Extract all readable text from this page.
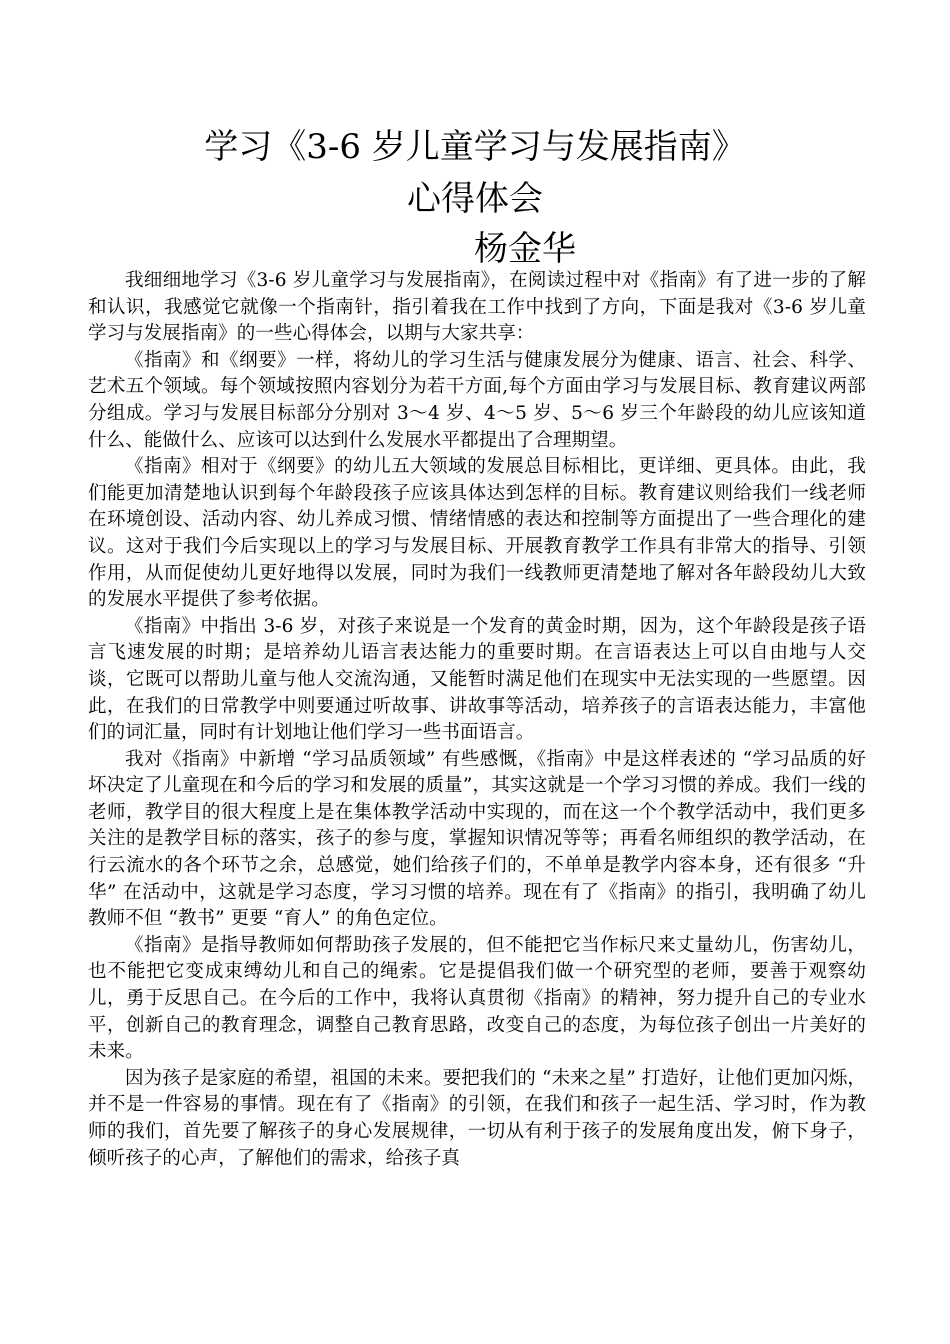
学习《3-6 岁儿童学习与发展指南》
心得体会
杨金华

我细细地学习《3-6 岁儿童学习与发展指南》，在阅读过程中对《指南》有了进一步的了解和认识，我感觉它就像一个指南针，指引着我在工作中找到了方向，下面是我对《3-6 岁儿童学习与发展指南》的一些心得体会，以期与大家共享：

《指南》和《纲要》一样，将幼儿的学习生活与健康发展分为健康、语言、社会、科学、艺术五个领域。每个领域按照内容划分为若干方面,每个方面由学习与发展目标、教育建议两部分组成。学习与发展目标部分分别对 3～4 岁、4～5 岁、5～6 岁三个年龄段的幼儿应该知道什么、能做什么、应该可以达到什么发展水平都提出了合理期望。

《指南》相对于《纲要》的幼儿五大领域的发展总目标相比，更详细、更具体。由此，我们能更加清楚地认识到每个年龄段孩子应该具体达到怎样的目标。教育建议则给我们一线老师在环境创设、活动内容、幼儿养成习惯、情绪情感的表达和控制等方面提出了一些合理化的建议。这对于我们今后实现以上的学习与发展目标、开展教育教学工作具有非常大的指导、引领作用，从而促使幼儿更好地得以发展，同时为我们一线教师更清楚地了解对各年龄段幼儿大致的发展水平提供了参考依据。

《指南》中指出 3-6 岁，对孩子来说是一个发育的黄金时期，因为，这个年龄段是孩子语言飞速发展的时期；是培养幼儿语言表达能力的重要时期。在言语表达上可以自由地与人交谈，它既可以帮助儿童与他人交流沟通，又能暂时满足他们在现实中无法实现的一些愿望。因此，在我们的日常教学中则要通过听故事、讲故事等活动，培养孩子的言语表达能力，丰富他们的词汇量，同时有计划地让他们学习一些书面语言。

我对《指南》中新增 “学习品质领域” 有些感慨，《指南》中是这样表述的 “学习品质的好坏决定了儿童现在和今后的学习和发展的质量”，其实这就是一个学习习惯的养成。我们一线的老师，教学目的很大程度上是在集体教学活动中实现的，而在这一个个教学活动中，我们更多关注的是教学目标的落实，孩子的参与度，掌握知识情况等等；再看名师组织的教学活动，在行云流水的各个环节之余，总感觉，她们给孩子们的，不单单是教学内容本身，还有很多 “升华” 在活动中，这就是学习态度，学习习惯的培养。现在有了《指南》的指引，我明确了幼儿教师不但 “教书” 更要 “育人” 的角色定位。

《指南》是指导教师如何帮助孩子发展的，但不能把它当作标尺来丈量幼儿，伤害幼儿，也不能把它变成束缚幼儿和自己的绳索。它是提倡我们做一个研究型的老师，要善于观察幼儿，勇于反思自己。在今后的工作中，我将认真贯彻《指南》的精神，努力提升自己的专业水平，创新自己的教育理念，调整自己教育思路，改变自己的态度，为每位孩子创出一片美好的未来。

因为孩子是家庭的希望，祖国的未来。要把我们的 “未来之星” 打造好，让他们更加闪烁，并不是一件容易的事情。现在有了《指南》的引领，在我们和孩子一起生活、学习时，作为教师的我们，首先要了解孩子的身心发展规律，一切从有利于孩子的发展角度出发，俯下身子，倾听孩子的心声，了解他们的需求，给孩子真
